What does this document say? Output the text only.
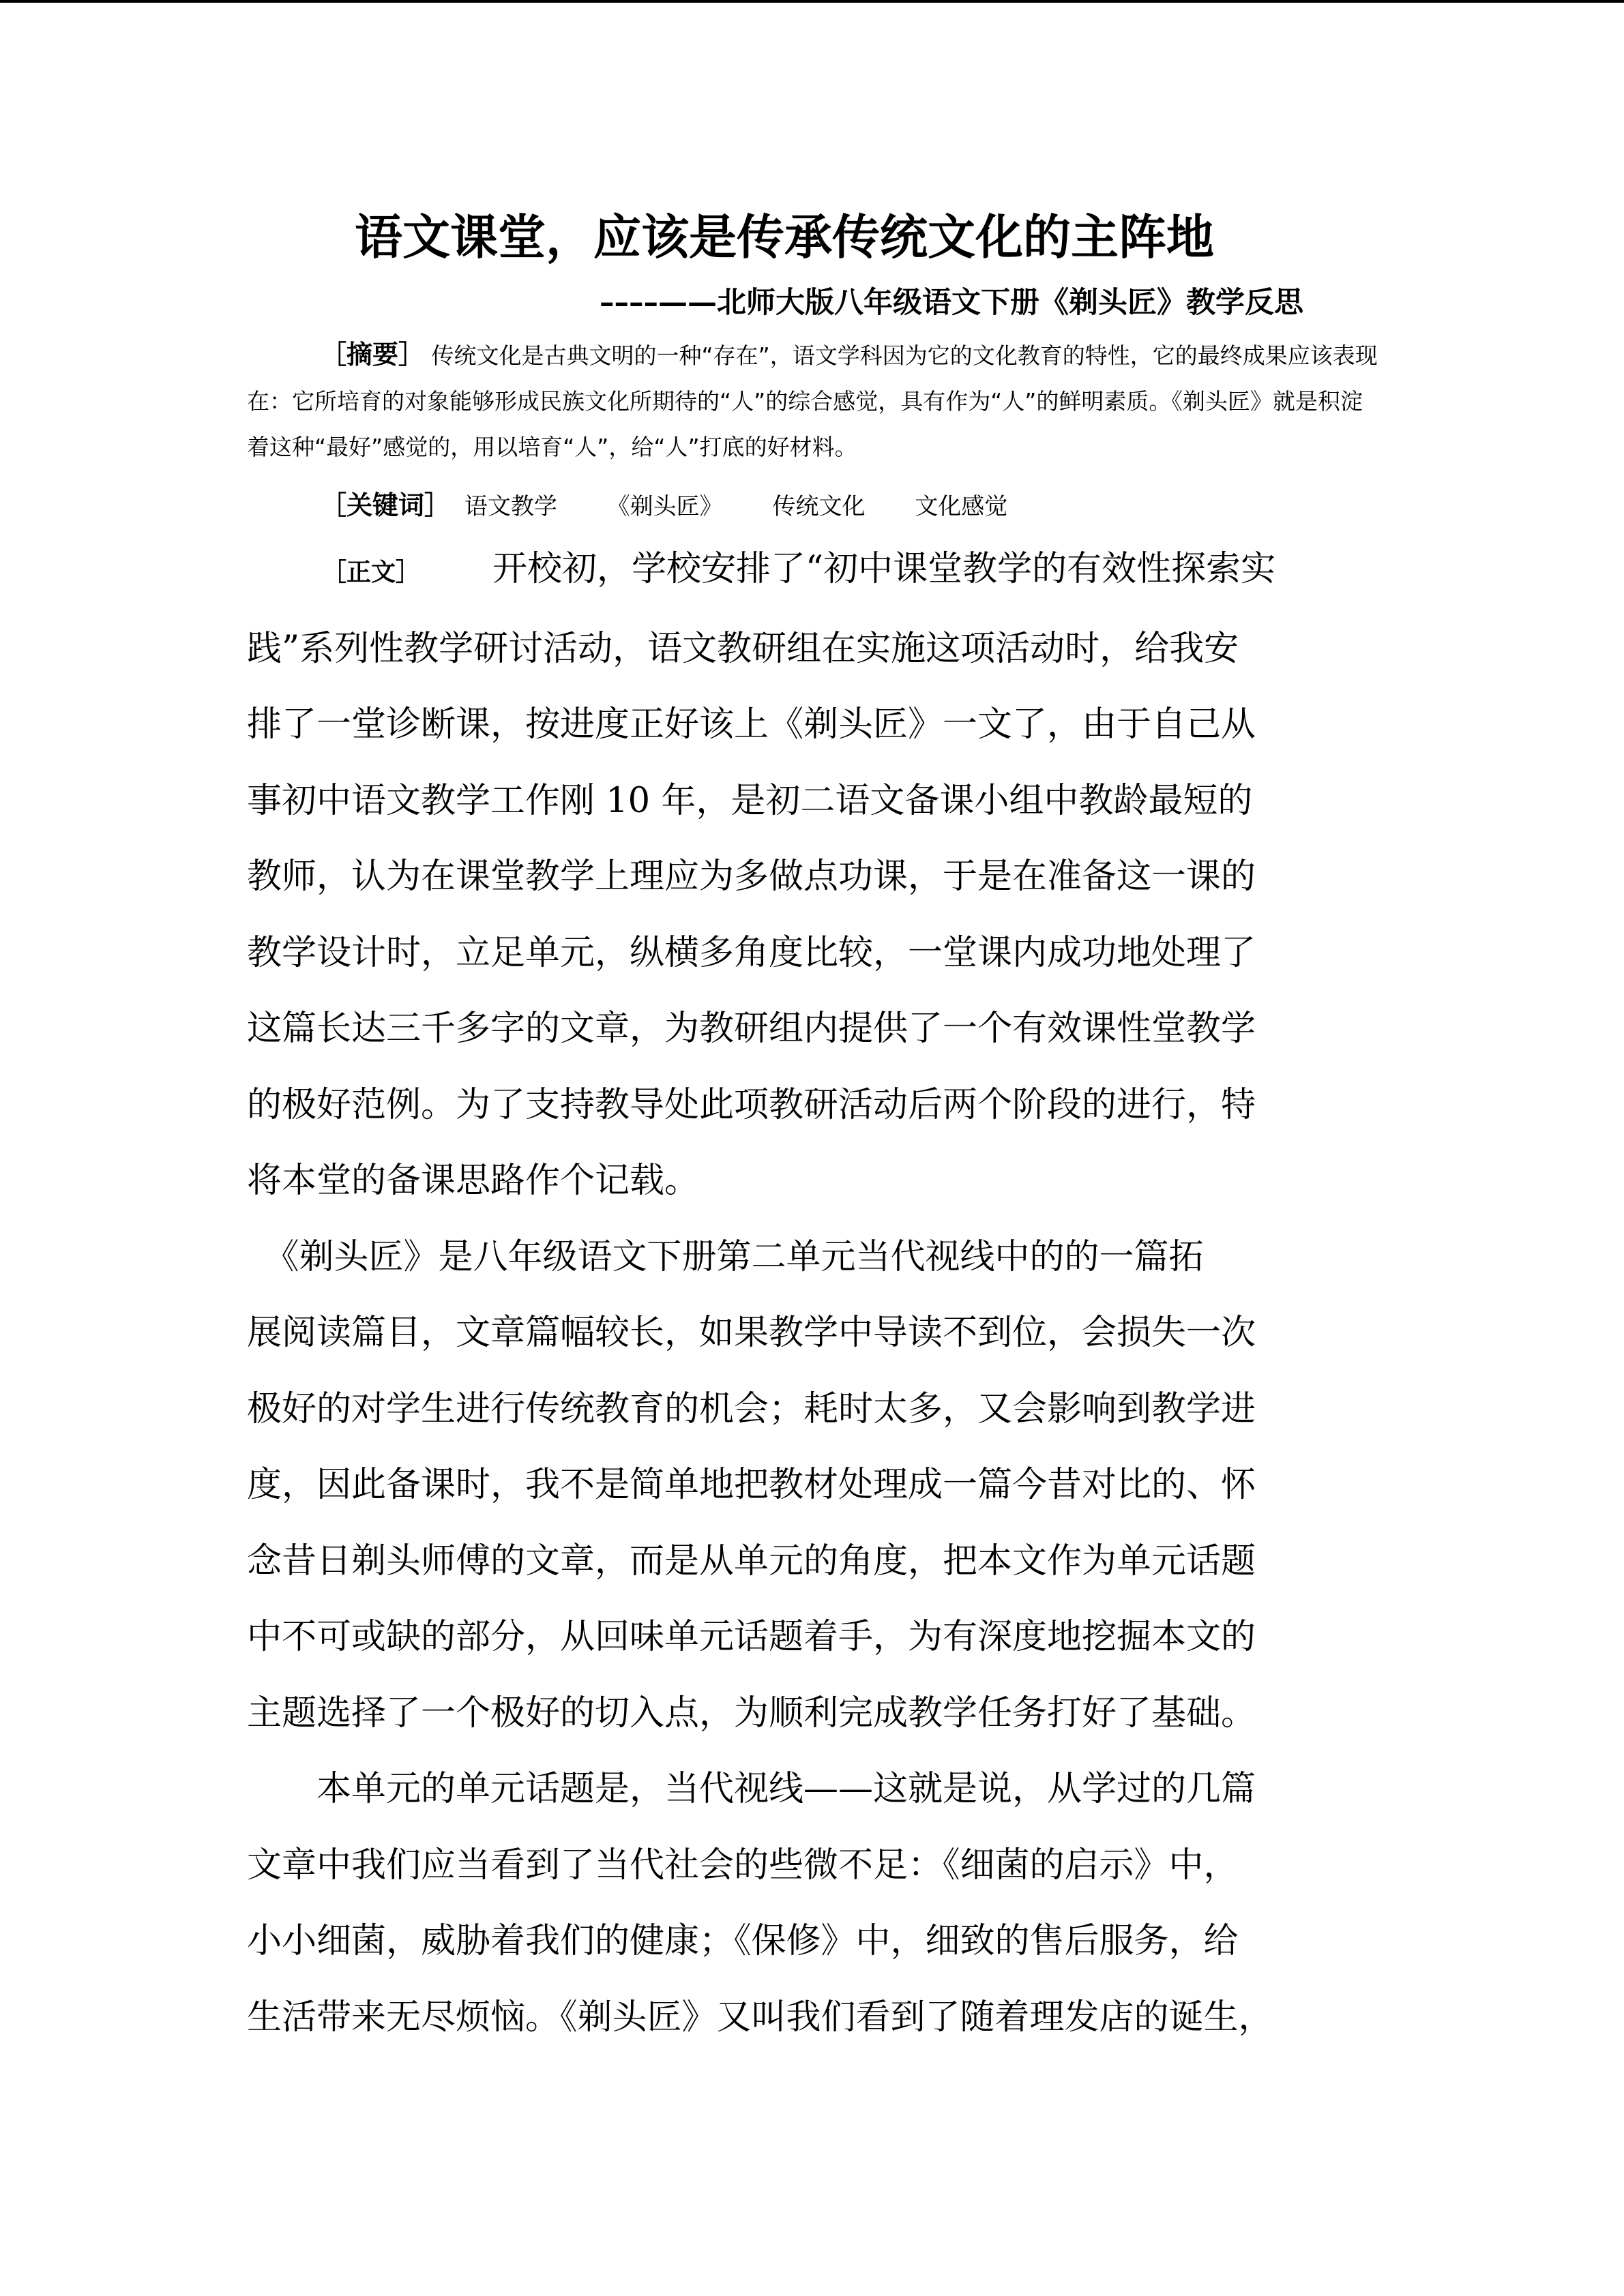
语文课堂，应该是传承传统文化的主阵地
––––——北师大版八年级语文下册《剃头匠》教学反思
［摘要］ 传统文化是古典文明的一种“存在”，语文学科因为它的文化教育的特性，它的最终成果应该表现在：它所培育的对象能够形成民族文化所期待的“人”的综合感觉，具有作为“人”的鲜明素质。《剃头匠》就是积淀着这种“最好”感觉的，用以培育“人”，给“人”打底的好材料。
［关键词］ 语文教学 《剃头匠》 传统文化 文化感觉
［正文］ 开校初，学校安排了“初中课堂教学的有效性探索实
践”系列性教学研讨活动，语文教研组在实施这项活动时，给我安
排了一堂诊断课，按进度正好该上《剃头匠》一文了，由于自己从
事初中语文教学工作刚 10 年，是初二语文备课小组中教龄最短的
教师，认为在课堂教学上理应为多做点功课，于是在准备这一课的
教学设计时，立足单元，纵横多角度比较，一堂课内成功地处理了
这篇长达三千多字的文章，为教研组内提供了一个有效课性堂教学
的极好范例。为了支持教导处此项教研活动后两个阶段的进行，特
将本堂的备课思路作个记载。
　《剃头匠》是八年级语文下册第二单元当代视线中的的一篇拓
展阅读篇目，文章篇幅较长，如果教学中导读不到位，会损失一次
极好的对学生进行传统教育的机会；耗时太多，又会影响到教学进
度，因此备课时，我不是简单地把教材处理成一篇今昔对比的、怀
念昔日剃头师傅的文章，而是从单元的角度，把本文作为单元话题
中不可或缺的部分，从回味单元话题着手，为有深度地挖掘本文的
主题选择了一个极好的切入点，为顺利完成教学任务打好了基础。
　　本单元的单元话题是，当代视线——这就是说，从学过的几篇
文章中我们应当看到了当代社会的些微不足：《细菌的启示》中，
小小细菌，威胁着我们的健康；《保修》中，细致的售后服务，给
生活带来无尽烦恼。《剃头匠》又叫我们看到了随着理发店的诞生，
